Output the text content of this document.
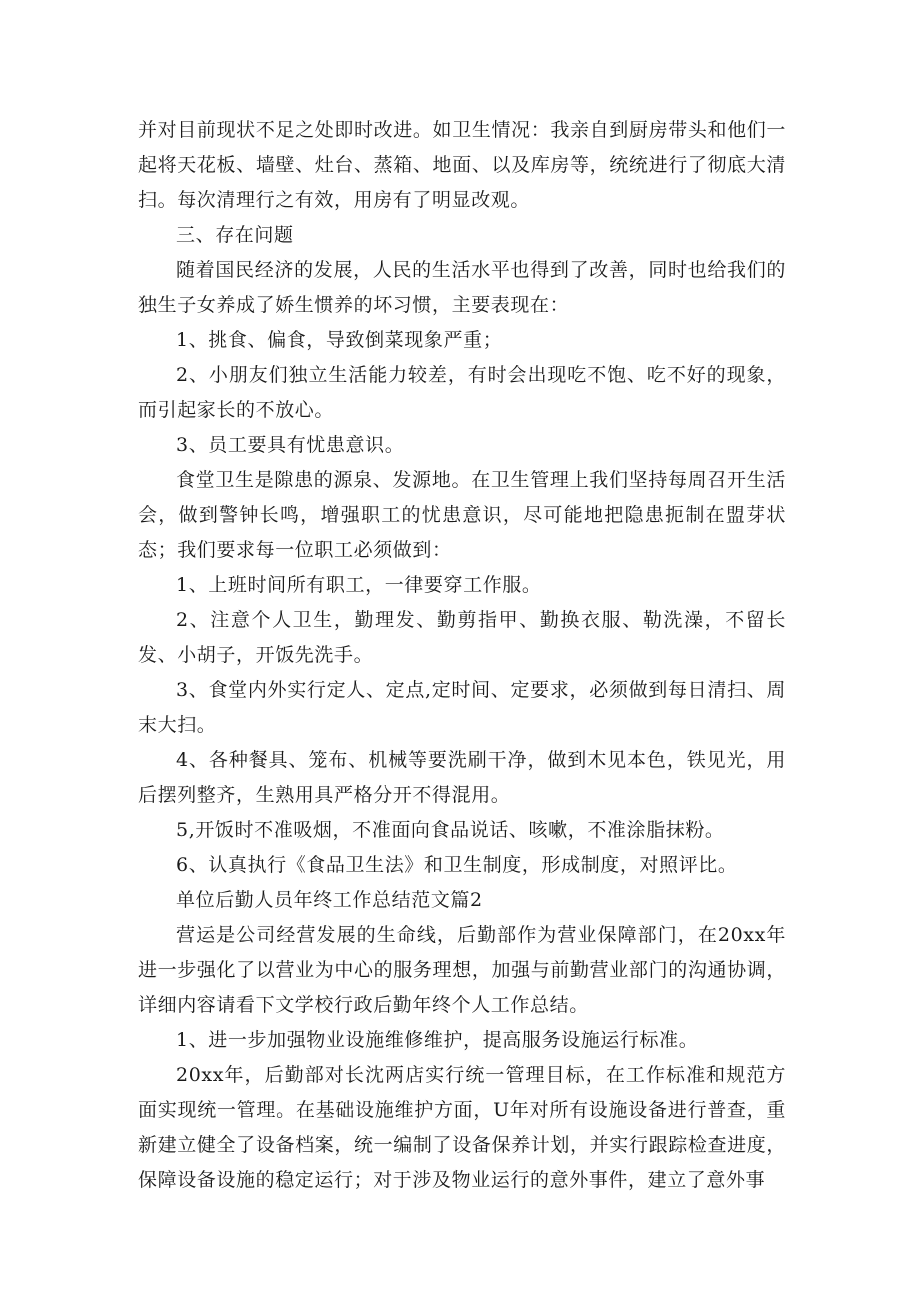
并对目前现状不足之处即时改进。如卫生情况：我亲自到厨房带头和他们一起将天花板、墙壁、灶台、蒸箱、地面、以及库房等，统统进行了彻底大清扫。每次清理行之有效，用房有了明显改观。

三、存在问题

随着国民经济的发展，人民的生活水平也得到了改善，同时也给我们的独生子女养成了娇生惯养的坏习惯，主要表现在：

1、挑食、偏食，导致倒菜现象严重；

2、小朋友们独立生活能力较差，有时会出现吃不饱、吃不好的现象，而引起家长的不放心。

3、员工要具有忧患意识。

食堂卫生是隙患的源泉、发源地。在卫生管理上我们坚持每周召开生活会，做到警钟长鸣，增强职工的忧患意识，尽可能地把隐患扼制在盟芽状态；我们要求每一位职工必须做到：

1、上班时间所有职工，一律要穿工作服。

2、注意个人卫生，勤理发、勤剪指甲、勤换衣服、勒洗澡，不留长发、小胡子，开饭先洗手。

3、食堂内外实行定人、定点,定时间、定要求，必须做到每日清扫、周末大扫。

4、各种餐具、笼布、机械等要洗刷干净，做到木见本色，铁见光，用后摆列整齐，生熟用具严格分开不得混用。

5,开饭时不准吸烟，不准面向食品说话、咳嗽，不准涂脂抹粉。

6、认真执行《食品卫生法》和卫生制度，形成制度，对照评比。

单位后勤人员年终工作总结范文篇2

营运是公司经营发展的生命线，后勤部作为营业保障部门，在20xx年进一步强化了以营业为中心的服务理想，加强与前勤营业部门的沟通协调，详细内容请看下文学校行政后勤年终个人工作总结。

1、进一步加强物业设施维修维护，提高服务设施运行标准。

20xx年，后勤部对长沈两店实行统一管理目标，在工作标准和规范方面实现统一管理。在基础设施维护方面，U年对所有设施设备进行普查，重新建立健全了设备档案，统一编制了设备保养计划，并实行跟踪检查进度，保障设备设施的稳定运行；对于涉及物业运行的意外事件，建立了意外事
